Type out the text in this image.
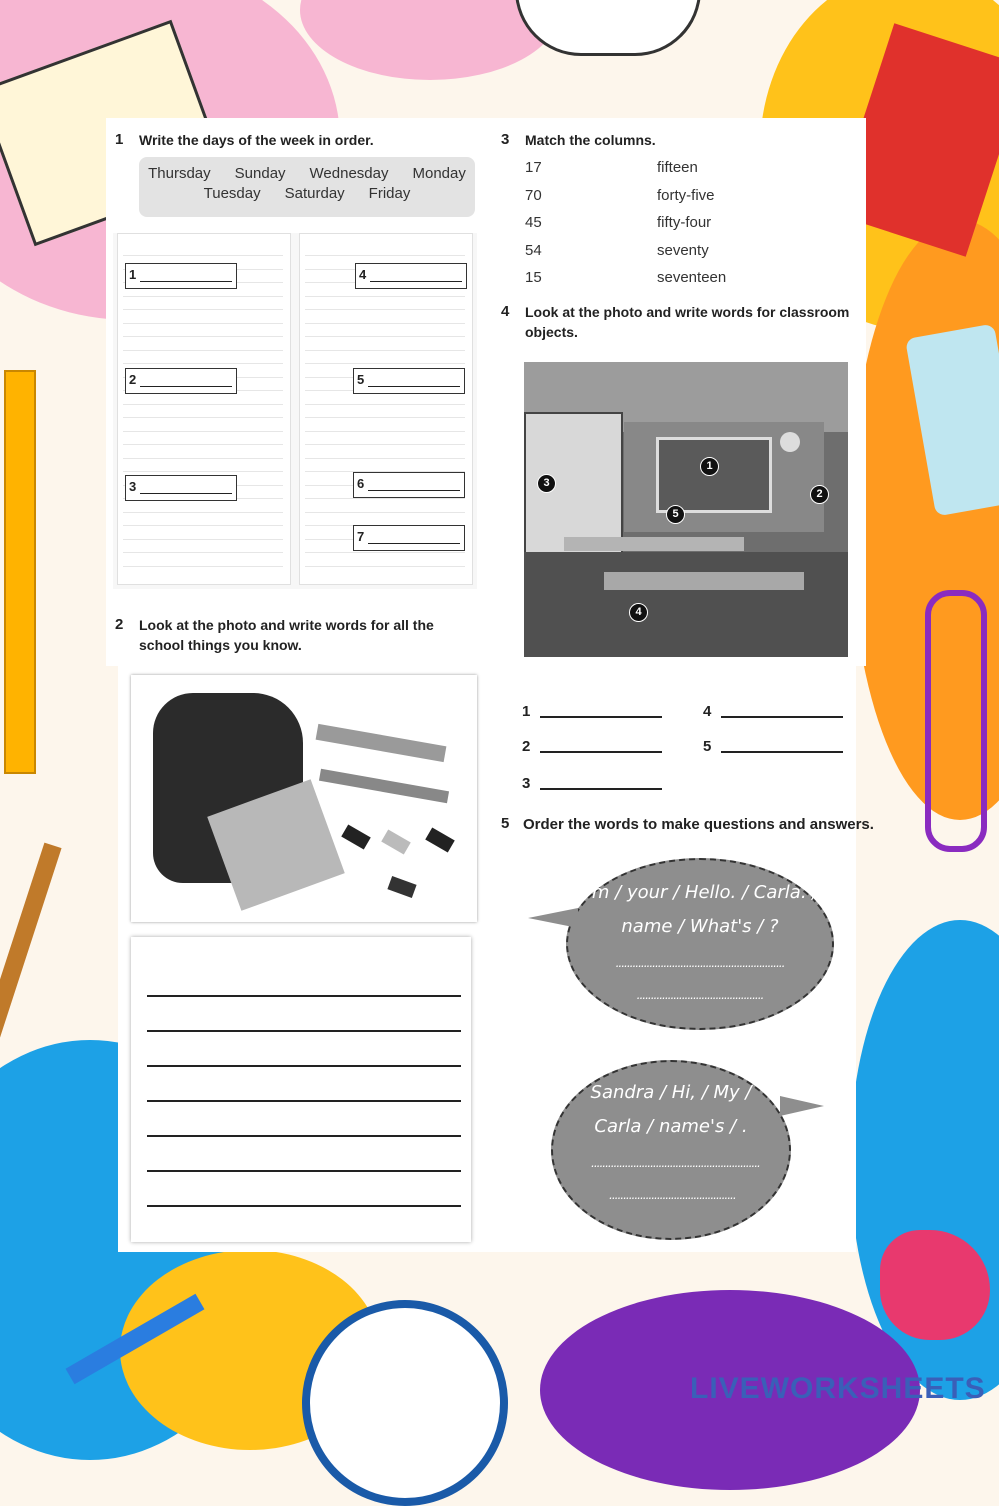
1 Write the days of the week in order.
Thursday Sunday Wednesday Monday
Tuesday Saturday Friday
1
2
3
4
5
6
7
2 Look at the photo and write words for all the
school things you know.
3 Match the columns.
17	fifteen
70	forty-five
45	fifty-four
54	seventy
15	seventeen
4 Look at the photo and write words for classroom
objects.
1
2
3
4
5
1
2
3
4
5
5 Order the words to make questions and answers.
I'm / your / Hello. / Carla. /
name / What's / ?
............................................................
.............................................
Sandra / Hi, / My /
Carla / name's / .
............................................................
.............................................
LIVEWORKSHEETS
